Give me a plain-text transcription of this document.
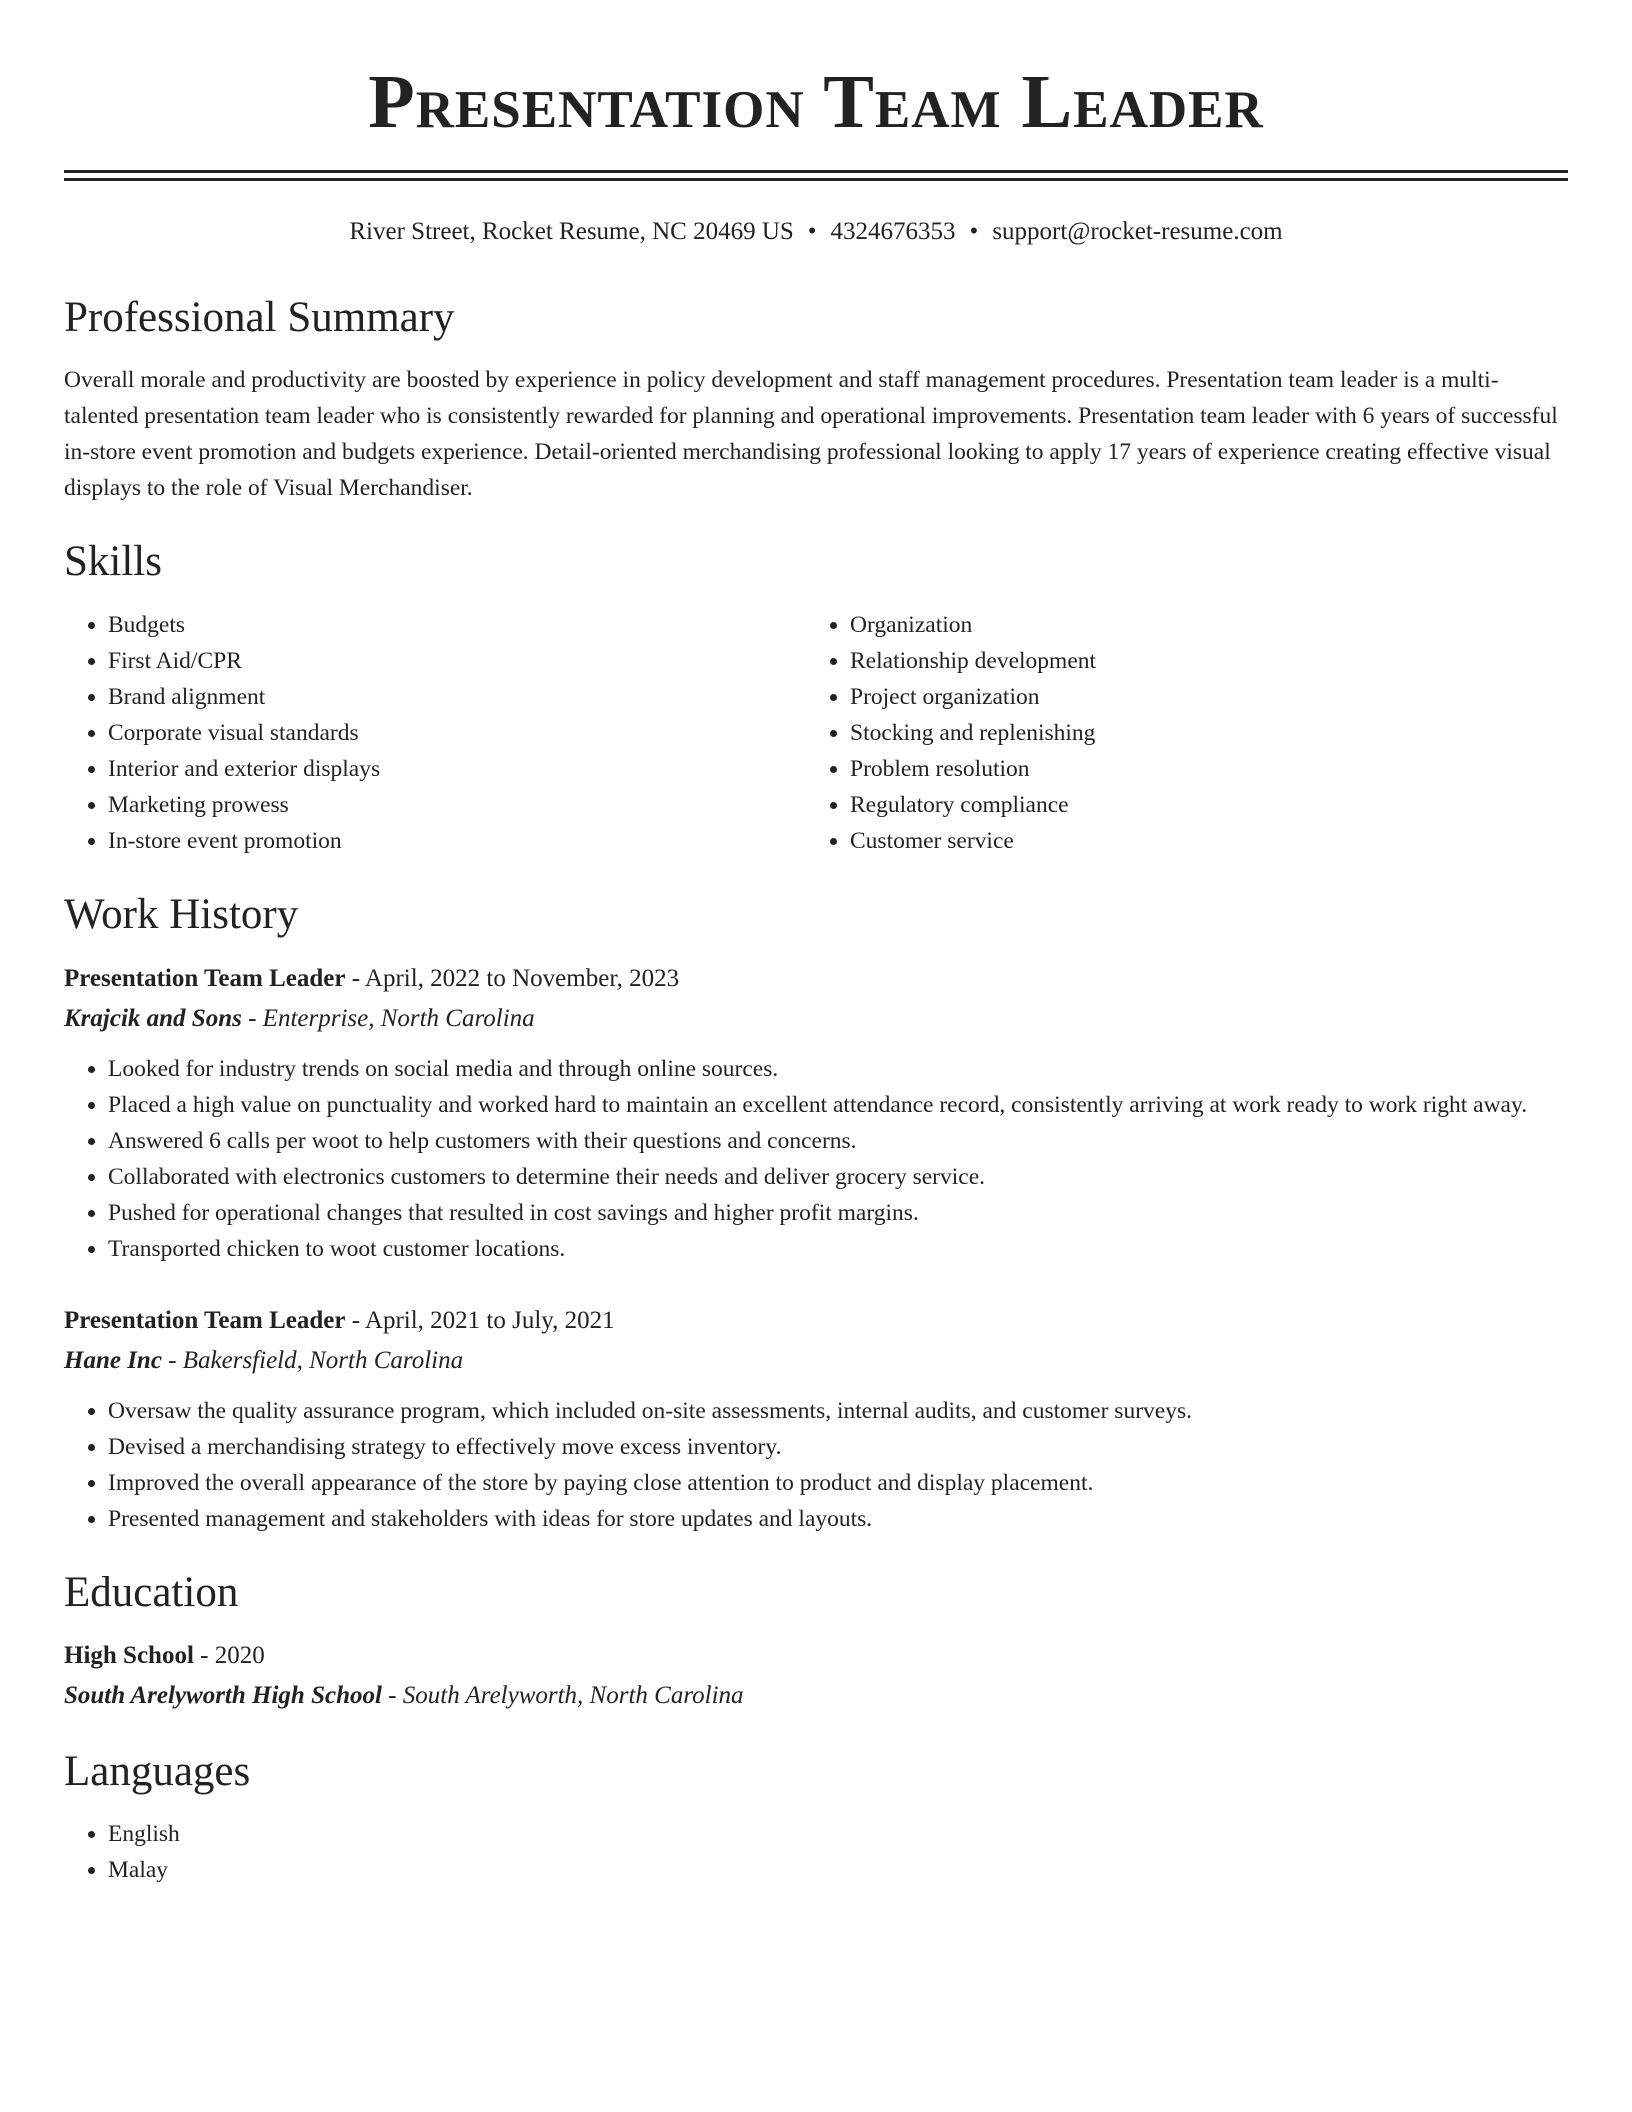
Presentation Team Leader
River Street, Rocket Resume, NC 20469 US • 4324676353 • support@rocket-resume.com
Professional Summary

Overall morale and productivity are boosted by experience in policy development and staff management procedures. Presentation team leader is a multi-talented presentation team leader who is consistently rewarded for planning and operational improvements. Presentation team leader with 6 years of successful in-store event promotion and budgets experience. Detail-oriented merchandising professional looking to apply 17 years of experience creating effective visual displays to the role of Visual Merchandiser.

Skills
• Budgets
• First Aid/CPR
• Brand alignment
• Corporate visual standards
• Interior and exterior displays
• Marketing prowess
• In-store event promotion
• Organization
• Relationship development
• Project organization
• Stocking and replenishing
• Problem resolution
• Regulatory compliance
• Customer service
Work History
Presentation Team Leader - April, 2022 to November, 2023
Krajcik and Sons - Enterprise, North Carolina
• Looked for industry trends on social media and through online sources.
• Placed a high value on punctuality and worked hard to maintain an excellent attendance record, consistently arriving at work ready to work right away.
• Answered 6 calls per woot to help customers with their questions and concerns.
• Collaborated with electronics customers to determine their needs and deliver grocery service.
• Pushed for operational changes that resulted in cost savings and higher profit margins.
• Transported chicken to woot customer locations.
Presentation Team Leader - April, 2021 to July, 2021
Hane Inc - Bakersfield, North Carolina
• Oversaw the quality assurance program, which included on-site assessments, internal audits, and customer surveys.
• Devised a merchandising strategy to effectively move excess inventory.
• Improved the overall appearance of the store by paying close attention to product and display placement.
• Presented management and stakeholders with ideas for store updates and layouts.
Education
High School - 2020
South Arelyworth High School - South Arelyworth, North Carolina
Languages
• English
• Malay
